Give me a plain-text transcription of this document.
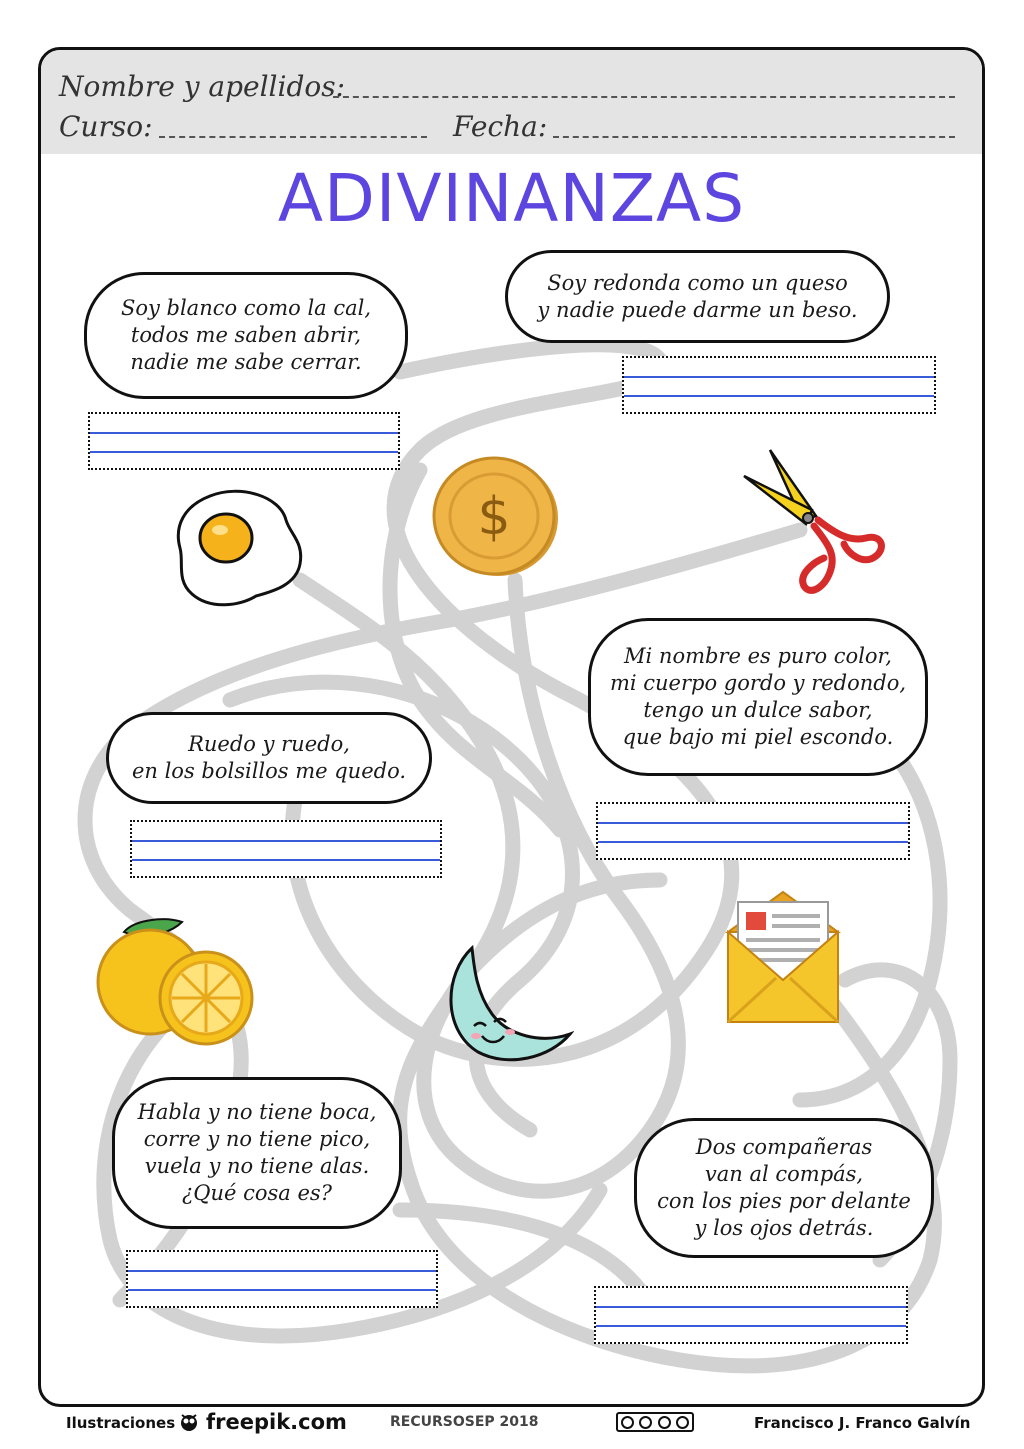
Nombre y apellidos:
Curso:	Fecha:
ADIVINANZAS
Soy blanco como la cal,
todos me saben abrir,
nadie me sabe cerrar.
Soy redonda como un queso
y nadie puede darme un beso.
Mi nombre es puro color,
mi cuerpo gordo y redondo,
tengo un dulce sabor,
que bajo mi piel escondo.
Ruedo y ruedo,
en los bolsillos me quedo.
Habla y no tiene boca,
corre y no tiene pico,
vuela y no tiene alas.
¿Qué cosa es?
Dos compañeras
van al compás,
con los pies por delante
y los ojos detrás.
$
Ilustraciones freepik.com	RECURSOSEP 2018	Francisco J. Franco Galvín
